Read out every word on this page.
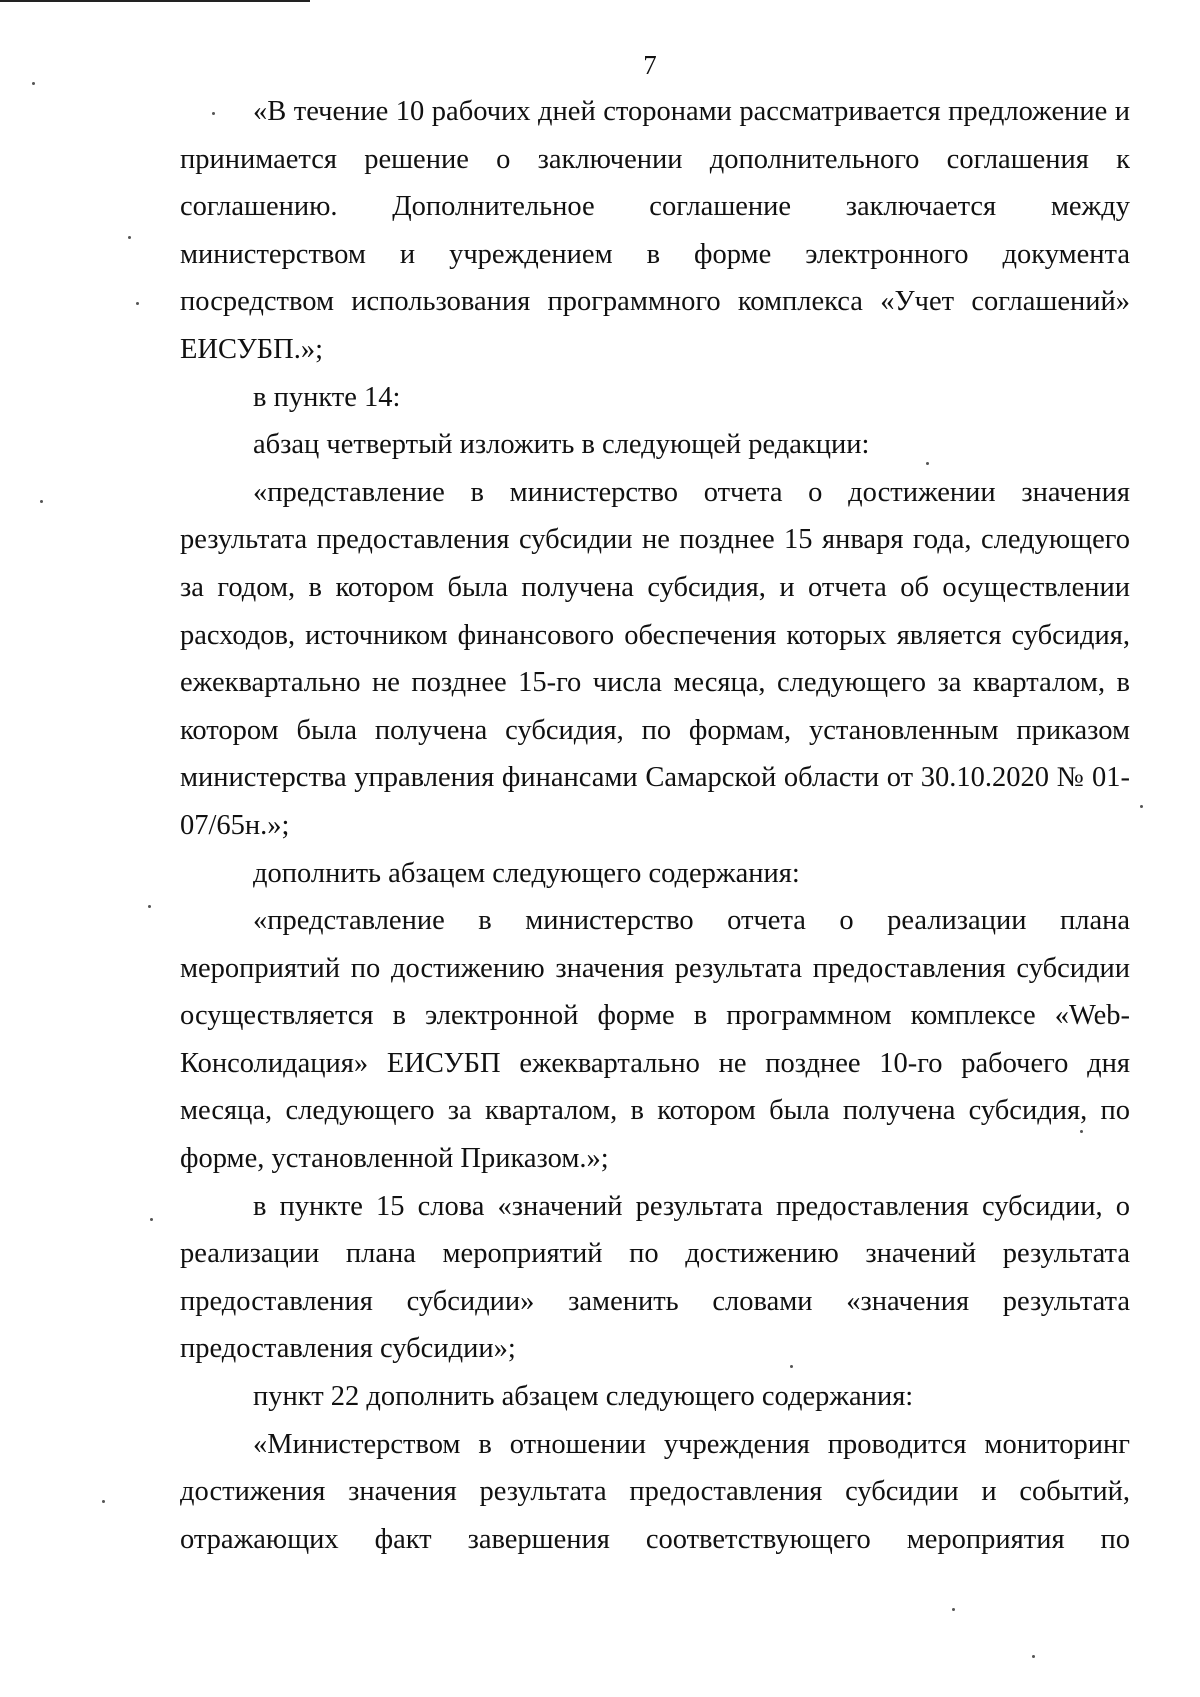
7

«В течение 10 рабочих дней сторонами рассматривается предложение и принимается решение о заключении дополнительного соглашения к соглашению. Дополнительное соглашение заключается между министерством и учреждением в форме электронного документа посредством использования программного комплекса «Учет соглашений» ЕИСУБП.»;

в пункте 14:

абзац четвертый изложить в следующей редакции:

«представление в министерство отчета о достижении значения результата предоставления субсидии не позднее 15 января года, следующего за годом, в котором была получена субсидия, и отчета об осуществлении расходов, источником финансового обеспечения которых является субсидия, ежеквартально не позднее 15-го числа месяца, следующего за кварталом, в котором была получена субсидия, по формам, установленным приказом министерства управления финансами Самарской области от 30.10.2020 № 01-07/65н.»;

дополнить абзацем следующего содержания:

«представление в министерство отчета о реализации плана мероприятий по достижению значения результата предоставления субсидии осуществляется в электронной форме в программном комплексе «Web-Консолидация» ЕИСУБП ежеквартально не позднее 10-го рабочего дня месяца, следующего за кварталом, в котором была получена субсидия, по форме, установленной Приказом.»;

в пункте 15 слова «значений результата предоставления субсидии, о реализации плана мероприятий по достижению значений результата предоставления субсидии» заменить словами «значения результата предоставления субсидии»;

пункт 22 дополнить абзацем следующего содержания:

«Министерством в отношении учреждения проводится мониторинг достижения значения результата предоставления субсидии и событий, отражающих факт завершения соответствующего мероприятия по
